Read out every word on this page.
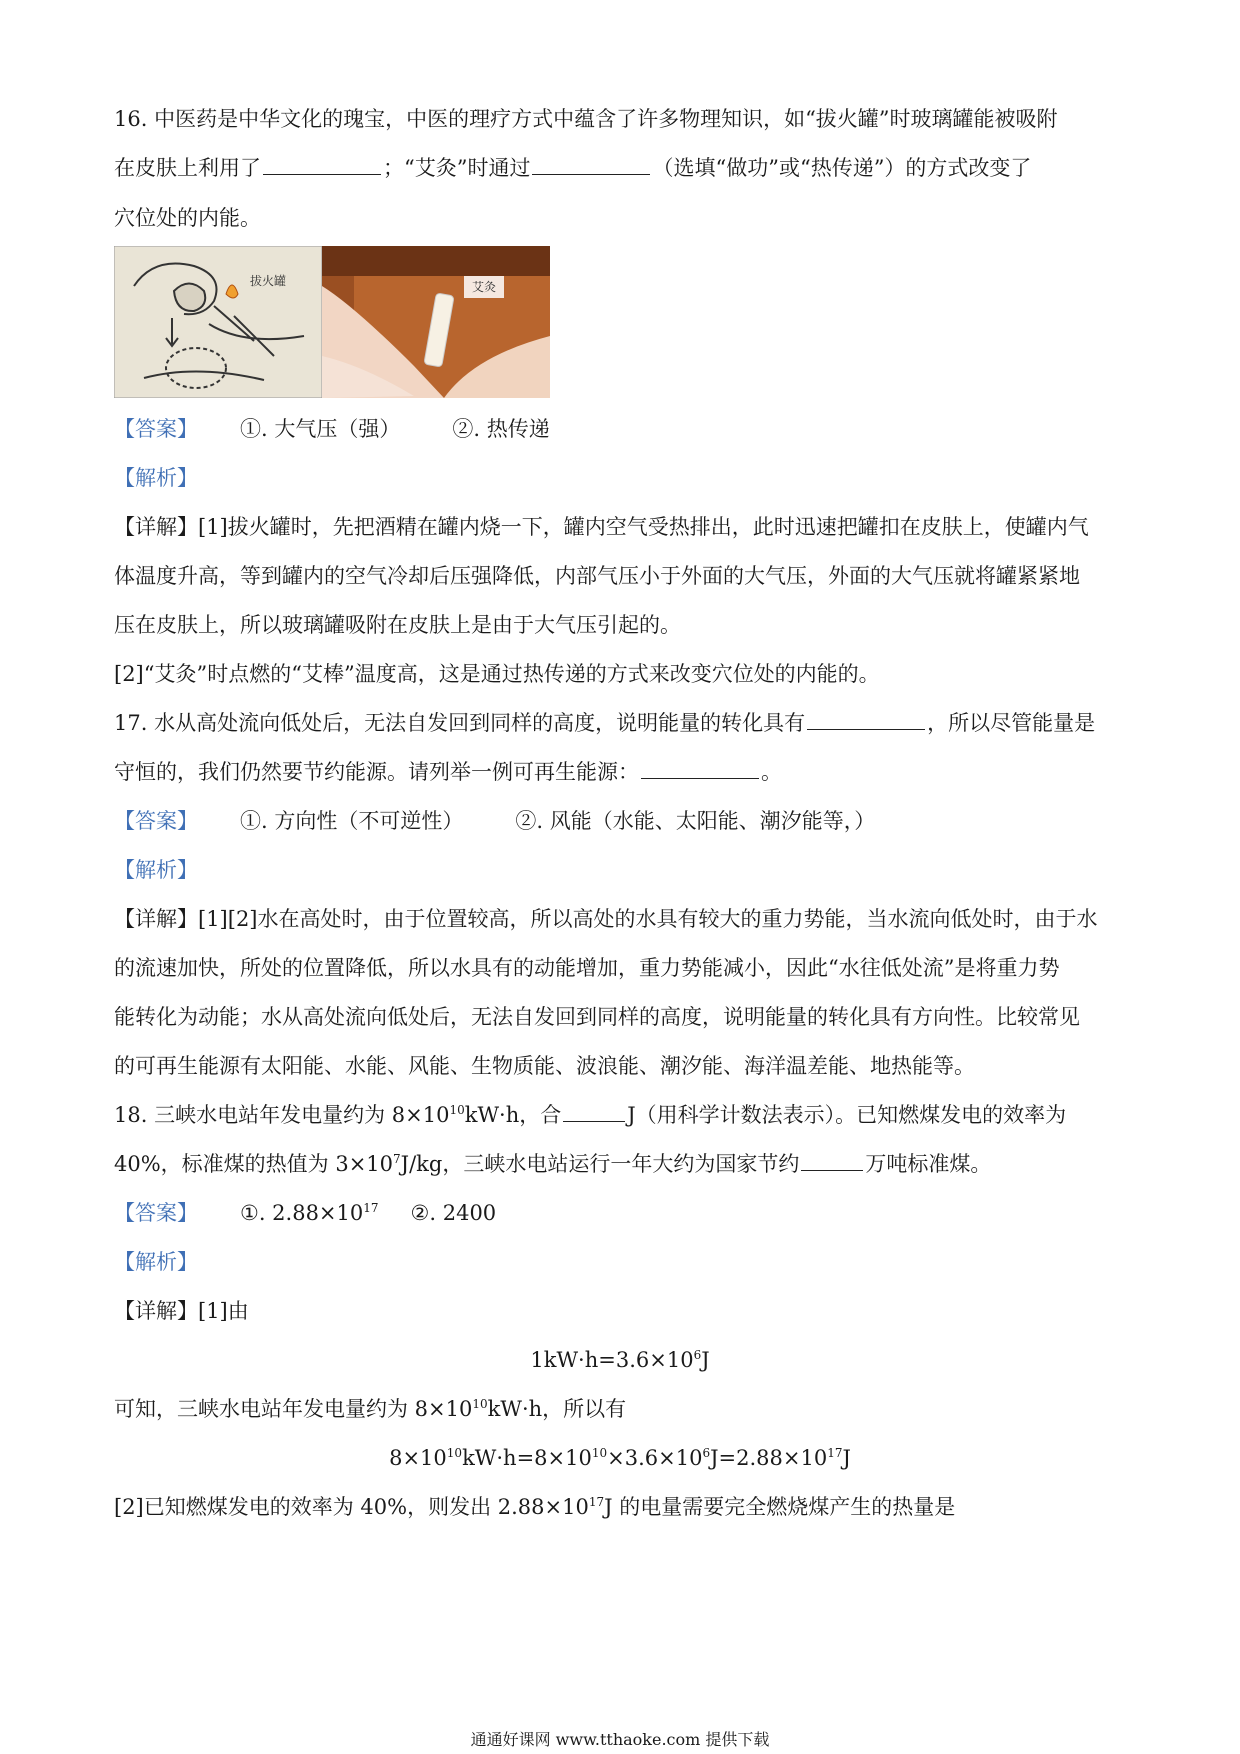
16. 中医药是中华文化的瑰宝，中医的理疗方式中蕴含了许多物理知识，如“拔火罐”时玻璃罐能被吸附
在皮肤上利用了	；“艾灸”时通过	（选填“做功”或“热传递”）的方式改变了
穴位处的内能。
拔火罐	艾灸
【答案】 ①. 大气压（强） ②. 热传递
【解析】
【详解】[1]拔火罐时，先把酒精在罐内烧一下，罐内空气受热排出，此时迅速把罐扣在皮肤上，使罐内气
体温度升高，等到罐内的空气冷却后压强降低，内部气压小于外面的大气压，外面的大气压就将罐紧紧地
压在皮肤上，所以玻璃罐吸附在皮肤上是由于大气压引起的。
[2]“艾灸”时点燃的“艾棒”温度高，这是通过热传递的方式来改变穴位处的内能的。
17. 水从高处流向低处后，无法自发回到同样的高度，说明能量的转化具有	，所以尽管能量是
守恒的，我们仍然要节约能源。请列举一例可再生能源：	。
【答案】 ①. 方向性（不可逆性） ②. 风能（水能、太阳能、潮汐能等，）
【解析】
【详解】[1][2]水在高处时，由于位置较高，所以高处的水具有较大的重力势能，当水流向低处时，由于水
的流速加快，所处的位置降低，所以水具有的动能增加，重力势能减小，因此“水往低处流”是将重力势
能转化为动能；水从高处流向低处后，无法自发回到同样的高度，说明能量的转化具有方向性。比较常见
的可再生能源有太阳能、水能、风能、生物质能、波浪能、潮汐能、海洋温差能、地热能等。
18. 三峡水电站年发电量约为 $8\times 10^{10}kW\cdot h$，合	J（用科学计数法表示）。已知燃煤发电的效率为
40%，标准煤的热值为 $3\times 10^7J/kg$，三峡水电站运行一年大约为国家节约	万吨标准煤。
【答案】 ①. $2.88\times 10^{17}$ ②. 2400
【解析】
【详解】[1]由
$1kW\cdot h=3.6\times 10^6J$
可知，三峡水电站年发电量约为 $8\times 10^{10}kW\cdot h$，所以有
$8\times 10^{10}kW\cdot h=8\times 10^{10}\times 3.6\times 10^6J=2.88\times 10^{17}J$
[2]已知燃煤发电的效率为 40%，则发出 $2.88\times 10^{17}J$ 的电量需要完全燃烧煤产生的热量是
通通好课网 www.tthaoke.com 提供下载
